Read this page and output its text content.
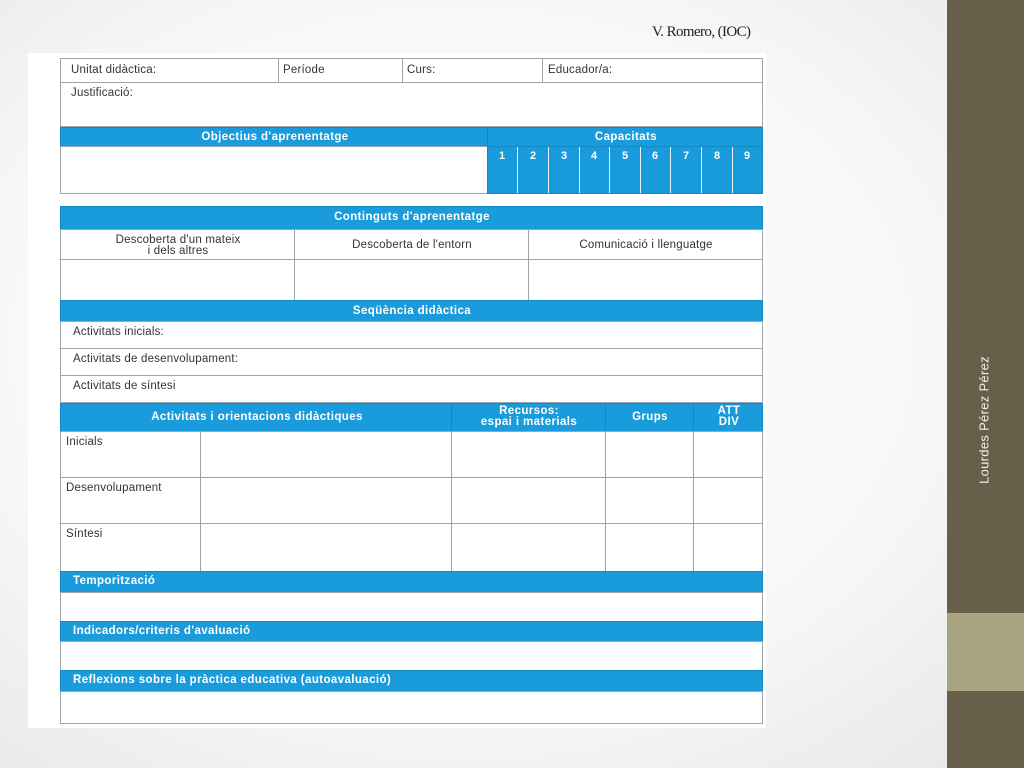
Lourdes Pérez Pérez
V. Romero, (IOC)
Unitat didàctica:	Període	Curs:	Educador/a:
Justificació:
Objectius d'aprenentatge	Capacitats
1 2 3 4 5 6 7 8 9
Continguts d'aprenentatge
Descoberta d'un mateix
i dels altres	Descoberta de l'entorn	Comunicació i llenguatge
Seqüència didàctica
Activitats inicials:
Activitats de desenvolupament:
Activitats de síntesi
Activitats i orientacions didàctiques	Recursos:
espai i materials	Grups	ATT
DIV
Inicials
Desenvolupament
Síntesi
Temporització
Indicadors/criteris d'avaluació
Reflexions sobre la pràctica educativa (autoavaluació)
